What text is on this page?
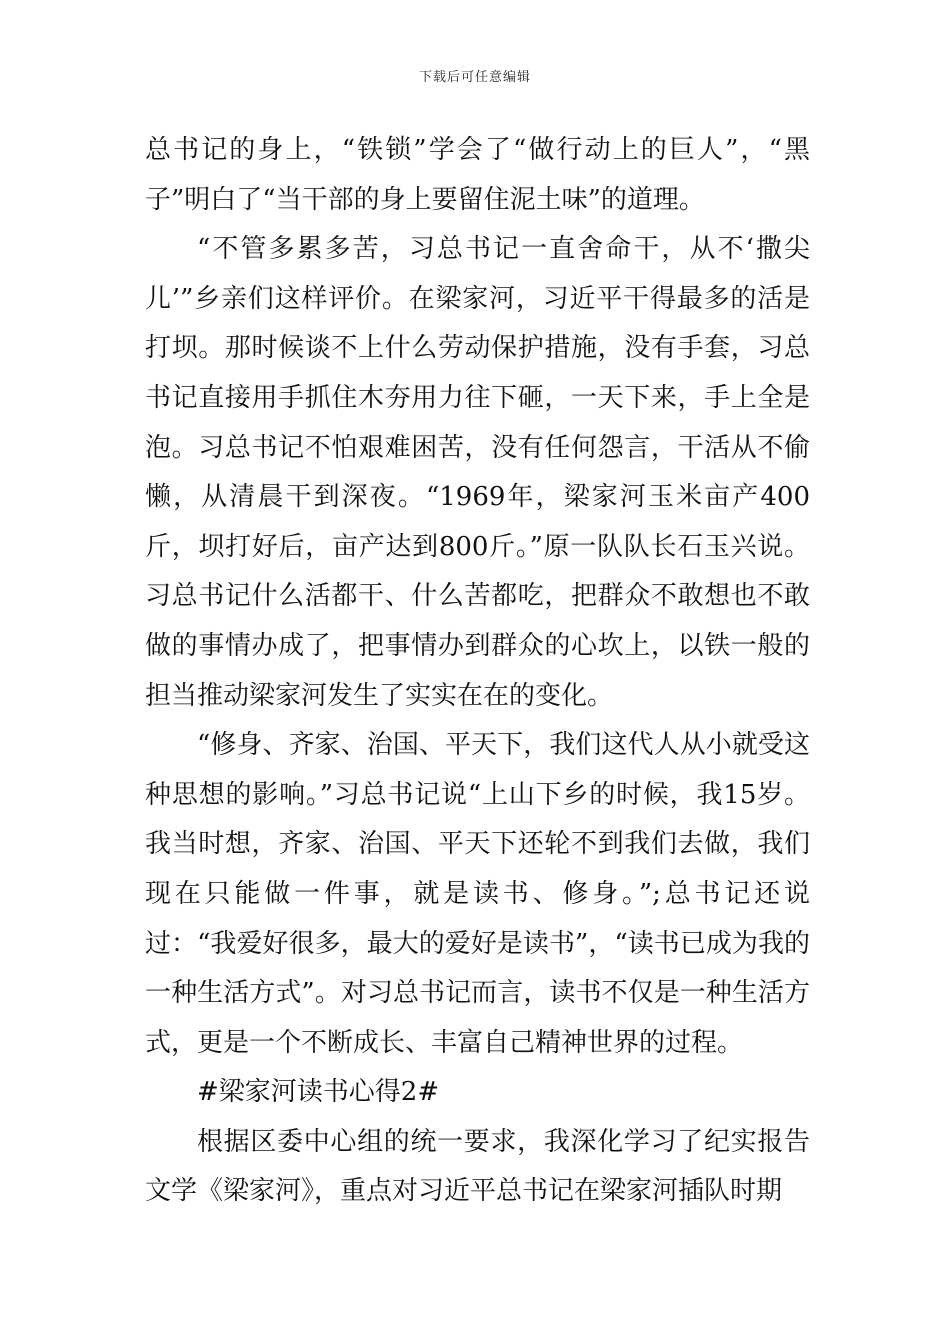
下载后可任意编辑

总书记的身上，“铁锁”学会了“做行动上的巨人”，“黑子”明白了“当干部的身上要留住泥土味”的道理。

“不管多累多苦，习总书记一直舍命干，从不‘撒尖儿’”乡亲们这样评价。在梁家河，习近平干得最多的活是打坝。那时候谈不上什么劳动保护措施，没有手套，习总书记直接用手抓住木夯用力往下砸，一天下来，手上全是泡。习总书记不怕艰难困苦，没有任何怨言，干活从不偷懒，从清晨干到深夜。“1969年，梁家河玉米亩产400斤，坝打好后，亩产达到800斤。”原一队队长石玉兴说。习总书记什么活都干、什么苦都吃，把群众不敢想也不敢做的事情办成了，把事情办到群众的心坎上，以铁一般的担当推动梁家河发生了实实在在的变化。

“修身、齐家、治国、平天下，我们这代人从小就受这种思想的影响。”习总书记说“上山下乡的时候，我15岁。我当时想，齐家、治国、平天下还轮不到我们去做，我们现在只能做一件事，就是读书、修身。”;总书记还说过：“我爱好很多，最大的爱好是读书”，“读书已成为我的一种生活方式”。对习总书记而言，读书不仅是一种生活方式，更是一个不断成长、丰富自己精神世界的过程。

#梁家河读书心得2#

根据区委中心组的统一要求，我深化学习了纪实报告文学《梁家河》，重点对习近平总书记在梁家河插队时期
